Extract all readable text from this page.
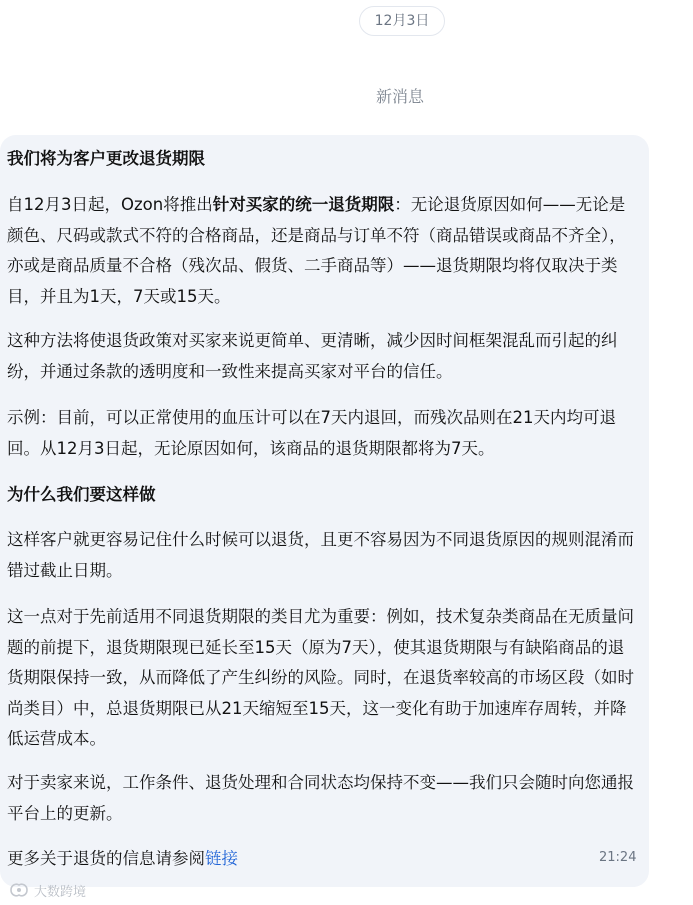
12月3日
新消息

我们将为客户更改退货期限

自12月3日起，Ozon将推出针对买家的统一退货期限：无论退货原因如何——无论是颜色、尺码或款式不符的合格商品，还是商品与订单不符（商品错误或商品不齐全），亦或是商品质量不合格（残次品、假货、二手商品等）——退货期限均将仅取决于类目，并且为1天，7天或15天。

这种方法将使退货政策对买家来说更简单、更清晰，减少因时间框架混乱而引起的纠纷，并通过条款的透明度和一致性来提高买家对平台的信任。

示例：目前，可以正常使用的血压计可以在7天内退回，而残次品则在21天内均可退回。从12月3日起，无论原因如何，该商品的退货期限都将为7天。

为什么我们要这样做

这样客户就更容易记住什么时候可以退货，且更不容易因为不同退货原因的规则混淆而错过截止日期。

这一点对于先前适用不同退货期限的类目尤为重要：例如，技术复杂类商品在无质量问题的前提下，退货期限现已延长至15天（原为7天），使其退货期限与有缺陷商品的退货期限保持一致，从而降低了产生纠纷的风险。同时，在退货率较高的市场区段（如时尚类目）中，总退货期限已从21天缩短至15天，这一变化有助于加速库存周转，并降低运营成本。

对于卖家来说，工作条件、退货处理和合同状态均保持不变——我们只会随时向您通报平台上的更新。

更多关于退货的信息请参阅链接	21:24
大数跨境
